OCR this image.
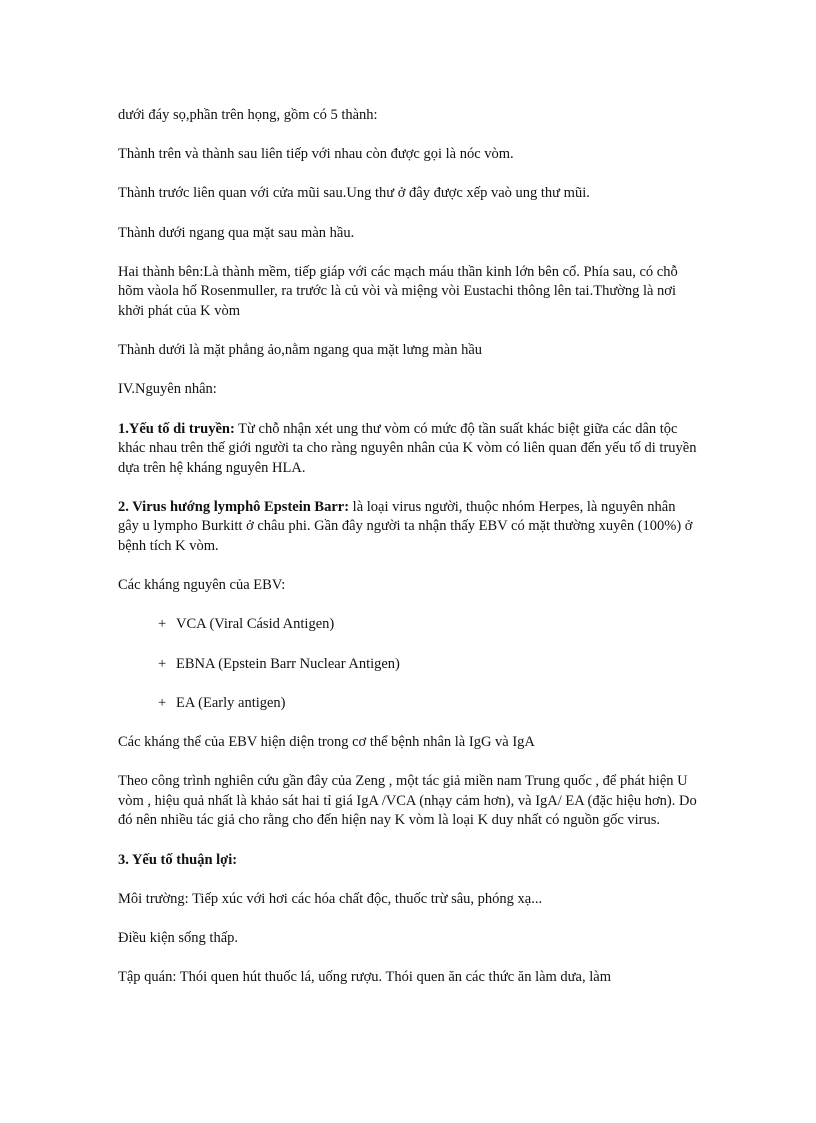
dưới đáy sọ,phần trên họng, gồm có 5 thành:

Thành trên và thành sau liên tiếp với nhau còn được gọi là nóc vòm.

Thành trước liên quan với cửa mũi sau.Ung thư ở đây được xếp vaò ung thư mũi.

Thành dưới ngang qua mặt sau màn hầu.

Hai thành bên:Là thành mềm, tiếp giáp với các mạch máu thần kinh lớn bên cổ. Phía sau, có chỗ hõm vàola hố Rosenmuller, ra trước là củ vòi và miệng vòi Eustachi thông lên tai.Thường là nơi khởi phát của K vòm

Thành dưới là mặt phẳng ảo,nằm ngang qua mặt lưng màn hầu

IV.Nguyên nhân:

1.Yếu tố di truyền: Từ chỗ nhận xét ung thư vòm có mức độ tần suất khác biệt giữa các dân tộc khác nhau trên thế giới người ta cho ràng nguyên nhân của K vòm có liên quan đến yếu tố di truyền dựa trên hệ kháng nguyên HLA.

2. Virus hướng lymphô Epstein Barr: là loại virus người, thuộc nhóm Herpes, là nguyên nhân gây u lympho Burkitt ở châu phi. Gần đây người ta nhận thấy EBV có mặt thường xuyên (100%) ở bệnh tích K vòm.

Các kháng nguyên của EBV:

+ VCA (Viral Cásid Antigen)

+ EBNA (Epstein Barr Nuclear Antigen)

+ EA (Early antigen)

Các kháng thể của EBV hiện diện trong cơ thể bệnh nhân là IgG và IgA

Theo công trình nghiên cứu gần đây của Zeng , một tác giả miền nam Trung quốc , để phát hiện U vòm , hiệu quả nhất là khảo sát hai tỉ giá IgA /VCA (nhạy cảm hơn), và IgA/ EA (đặc hiệu hơn). Do đó nên nhiều tác giả cho rằng cho đến hiện nay K vòm là loại K duy nhất có nguồn gốc virus.

3. Yếu tố thuận lợi:

Môi trường: Tiếp xúc với hơi các hóa chất độc, thuốc trừ sâu, phóng xạ...

Điều kiện sống thấp.

Tập quán: Thói quen hút thuốc lá, uống rượu. Thói quen ăn các thức ăn làm dưa, làm
